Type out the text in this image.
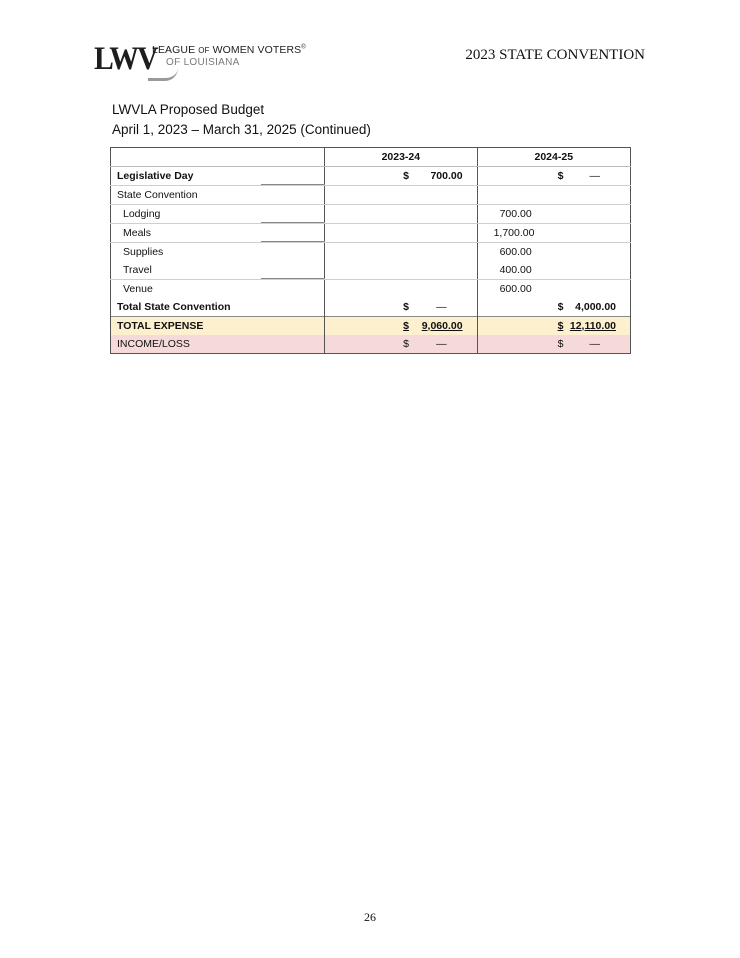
LWV
LEAGUE OF WOMEN VOTERS®
OF LOUISIANA	2023 STATE CONVENTION
LWVLA Proposed Budget
April 1, 2023 – March 31, 2025 (Continued)
	2023-24	2024-25
Legislative Day	$ 700.00	$ —

State Convention		
Lodging		700.00

Meals		1,700.00

Supplies		600.00

Travel		400.00

Venue		600.00

Total State Convention	$ —	$ 4,000.00

TOTAL EXPENSE	$ 9,060.00	$ 12,110.00

INCOME/LOSS	$ —	$ —
26
